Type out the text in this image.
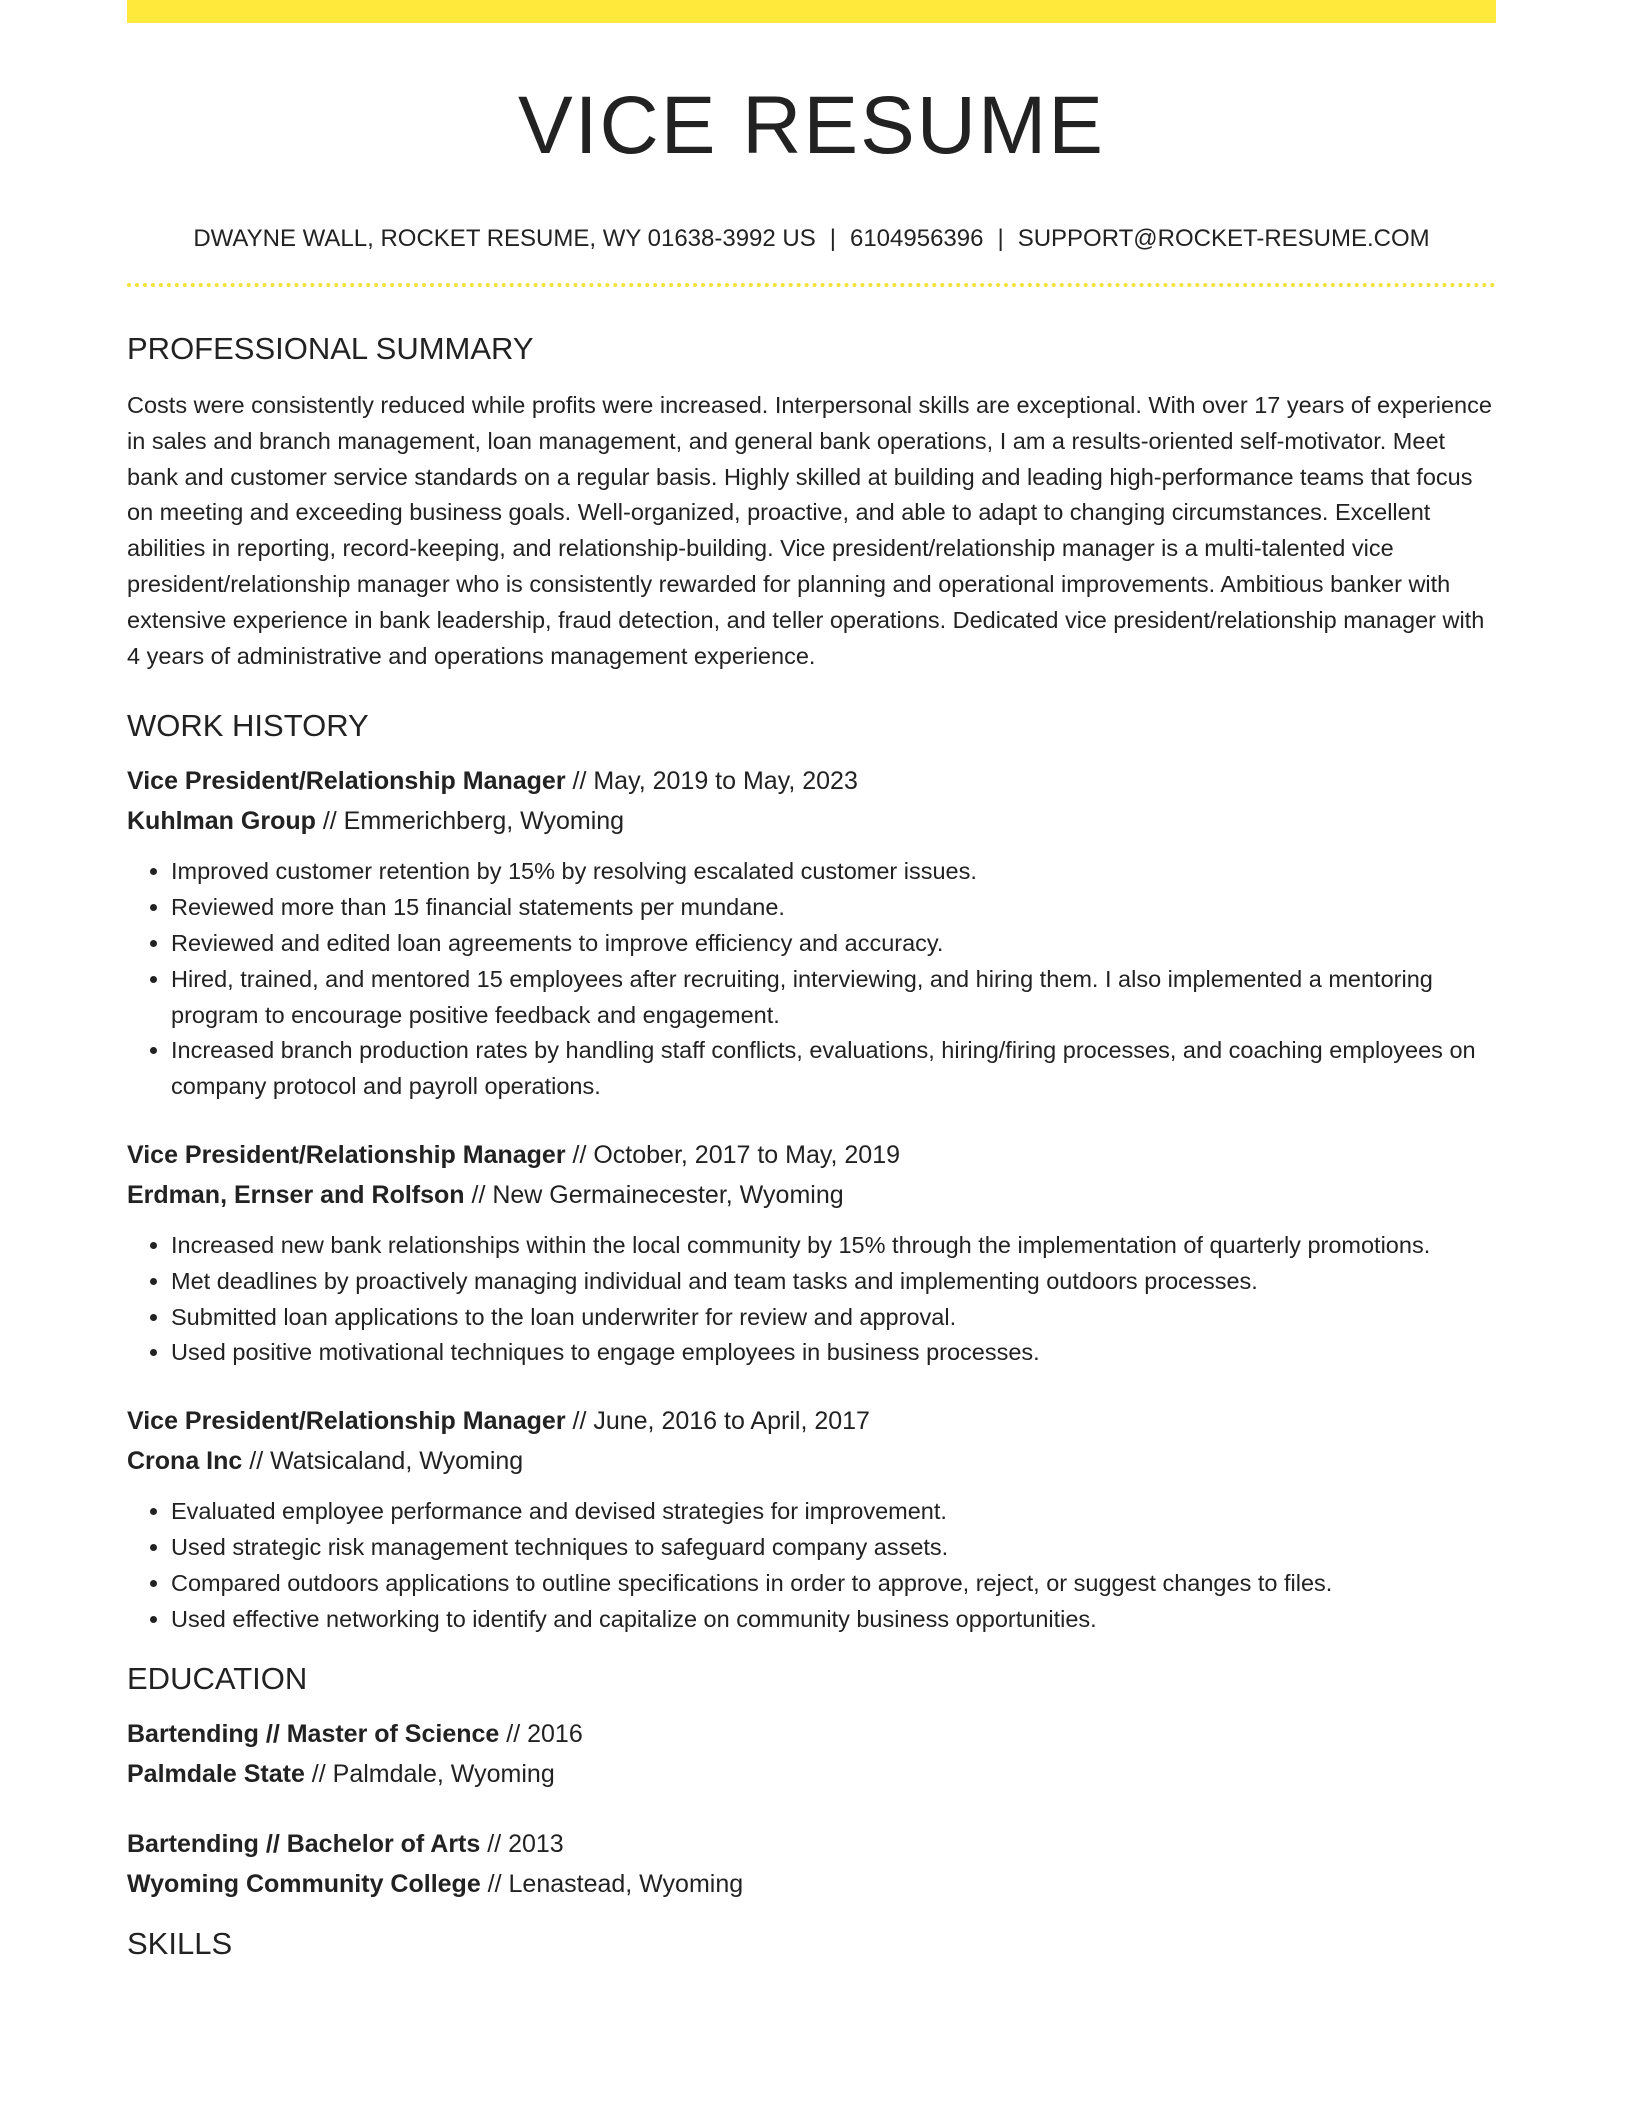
VICE RESUME
DWAYNE WALL, ROCKET RESUME, WY 01638-3992 US | 6104956396 | SUPPORT@ROCKET-RESUME.COM
PROFESSIONAL SUMMARY
Costs were consistently reduced while profits were increased. Interpersonal skills are exceptional. With over 17 years of experience in sales and branch management, loan management, and general bank operations, I am a results-oriented self-motivator. Meet bank and customer service standards on a regular basis. Highly skilled at building and leading high-performance teams that focus on meeting and exceeding business goals. Well-organized, proactive, and able to adapt to changing circumstances. Excellent abilities in reporting, record-keeping, and relationship-building. Vice president/relationship manager is a multi-talented vice president/relationship manager who is consistently rewarded for planning and operational improvements. Ambitious banker with extensive experience in bank leadership, fraud detection, and teller operations. Dedicated vice president/relationship manager with 4 years of administrative and operations management experience.
WORK HISTORY
Vice President/Relationship Manager // May, 2019 to May, 2023
Kuhlman Group // Emmerichberg, Wyoming
• Improved customer retention by 15% by resolving escalated customer issues.
• Reviewed more than 15 financial statements per mundane.
• Reviewed and edited loan agreements to improve efficiency and accuracy.
• Hired, trained, and mentored 15 employees after recruiting, interviewing, and hiring them. I also implemented a mentoring program to encourage positive feedback and engagement.
• Increased branch production rates by handling staff conflicts, evaluations, hiring/firing processes, and coaching employees on company protocol and payroll operations.
Vice President/Relationship Manager // October, 2017 to May, 2019
Erdman, Ernser and Rolfson // New Germainecester, Wyoming
• Increased new bank relationships within the local community by 15% through the implementation of quarterly promotions.
• Met deadlines by proactively managing individual and team tasks and implementing outdoors processes.
• Submitted loan applications to the loan underwriter for review and approval.
• Used positive motivational techniques to engage employees in business processes.
Vice President/Relationship Manager // June, 2016 to April, 2017
Crona Inc // Watsicaland, Wyoming
• Evaluated employee performance and devised strategies for improvement.
• Used strategic risk management techniques to safeguard company assets.
• Compared outdoors applications to outline specifications in order to approve, reject, or suggest changes to files.
• Used effective networking to identify and capitalize on community business opportunities.
EDUCATION
Bartending // Master of Science // 2016
Palmdale State // Palmdale, Wyoming
Bartending // Bachelor of Arts // 2013
Wyoming Community College // Lenastead, Wyoming
SKILLS
